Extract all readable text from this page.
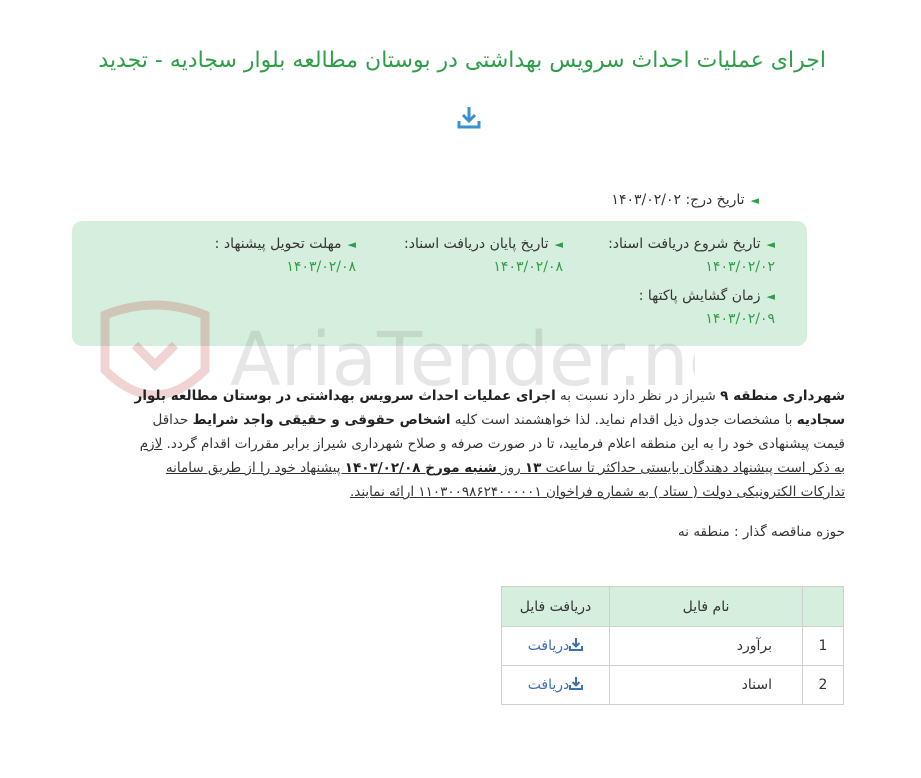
اجرای عملیات احداث سرویس بهداشتی در بوستان مطالعه بلوار سجادیه - تجدید
◄تاریخ درج: ۱۴۰۳/۰۲/۰۲
◄تاریخ شروع دریافت اسناد:
۱۴۰۳/۰۲/۰۲
◄تاریخ پایان دریافت اسناد:
۱۴۰۳/۰۲/۰۸
◄مهلت تحویل پیشنهاد :
۱۴۰۳/۰۲/۰۸
◄زمان گشایش پاکتها :
۱۴۰۳/۰۲/۰۹
AriaTender.n	شهرداری منطقه ۹ شیراز در نظر دارد نسبت به اجرای عملیات احداث سرویس بهداشتی در بوستان مطالعه بلوار سجادیه با مشخصات جدول ذیل اقدام نماید. لذا خواهشمند است کلیه اشخاص حقوقی و حقیقی واجد شرایط حداقل قیمت پیشنهادی خود را به این منطقه اعلام فرمایید، تا در صورت صرفه و صلاح شهرداری شیراز برابر مقررات اقدام گردد. لازم به ذکر است پیشنهاد دهندگان بایستی حداکثر تا ساعت ۱۳ روز شنبه مورخ ۱۴۰۳/۰۲/۰۸ پیشنهاد خود را از طریق سامانه تدارکات الکترونیکی دولت ( ستاد ) به شماره فراخوان ۱۱۰۳۰۰۹۸۶۲۴۰۰۰۰۰۱ ارائه نمایند.
حوزه مناقصه گذار : منطقه نه
	نام فایل	دریافت فایل
1	برآورد	دریافت
2	اسناد	دریافت
